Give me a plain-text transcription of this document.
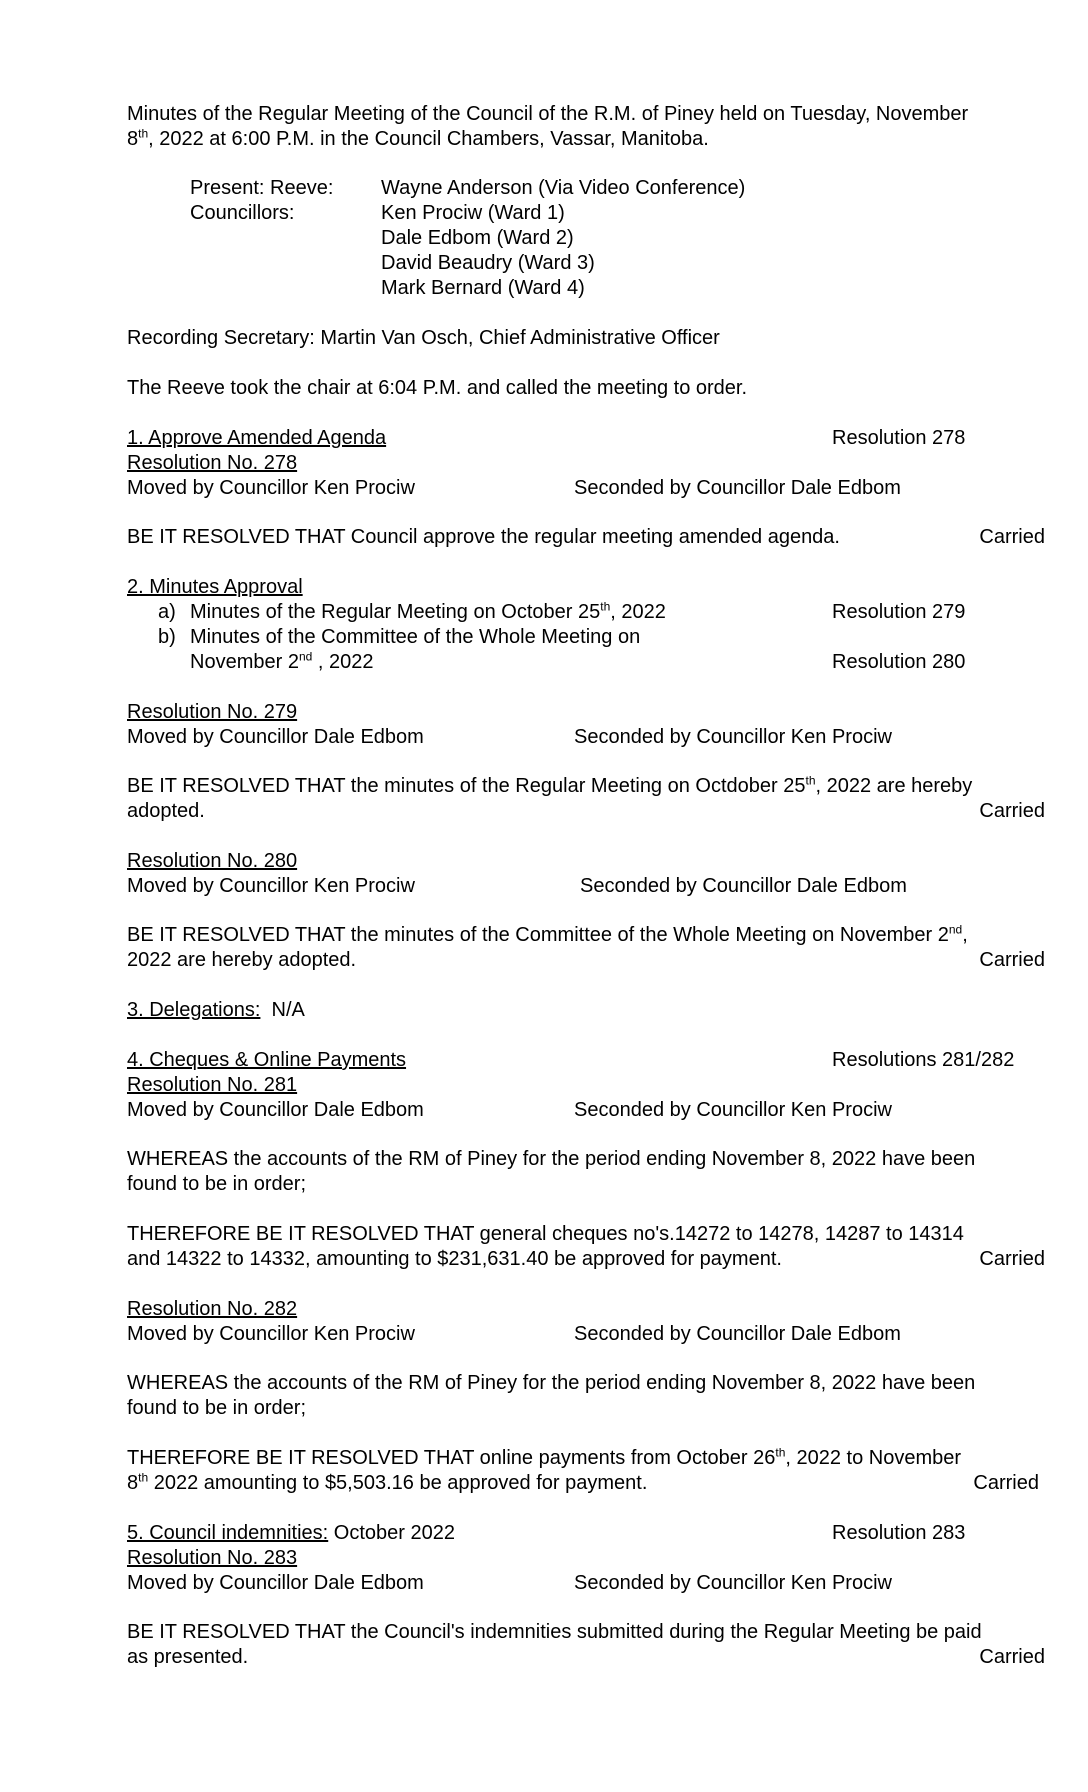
Minutes of the Regular Meeting of the Council of the R.M. of Piney held on Tuesday, November
8th, 2022 at 6:00 P.M. in the Council Chambers, Vassar, Manitoba.

Present: Reeve:	Wayne Anderson (Via Video Conference)
Councillors:	Ken Prociw (Ward 1)
Dale Edbom (Ward 2)
David Beaudry (Ward 3)
Mark Bernard (Ward 4)

Recording Secretary: Martin Van Osch, Chief Administrative Officer

The Reeve took the chair at 6:04 P.M. and called the meeting to order.

1. Approve Amended Agenda	Resolution 278

Resolution No. 278

Moved by Councillor Ken Prociw	Seconded by Councillor Dale Edbom
BE IT RESOLVED THAT Council approve the regular meeting amended agenda.	Carried

2. Minutes Approval

a) Minutes of the Regular Meeting on October 25th, 2022	Resolution 279
b) Minutes of the Committee of the Whole Meeting on
November 2nd , 2022	Resolution 280

Resolution No. 279

Moved by Councillor Dale Edbom	Seconded by Councillor Ken Prociw

BE IT RESOLVED THAT the minutes of the Regular Meeting on Octdober 25th, 2022 are hereby

adopted.	Carried

Resolution No. 280

Moved by Councillor Ken Prociw	Seconded by Councillor Dale Edbom

BE IT RESOLVED THAT the minutes of the Committee of the Whole Meeting on November 2nd,

2022 are hereby adopted.	Carried

3. Delegations: N/A

4. Cheques & Online Payments	Resolutions 281/282

Resolution No. 281

Moved by Councillor Dale Edbom	Seconded by Councillor Ken Prociw

WHEREAS the accounts of the RM of Piney for the period ending November 8, 2022 have been
found to be in order;

THEREFORE BE IT RESOLVED THAT general cheques no's.14272 to 14278, 14287 to 14314

and 14322 to 14332, amounting to $231,631.40 be approved for payment.	Carried

Resolution No. 282

Moved by Councillor Ken Prociw	Seconded by Councillor Dale Edbom

WHEREAS the accounts of the RM of Piney for the period ending November 8, 2022 have been
found to be in order;

THEREFORE BE IT RESOLVED THAT online payments from October 26th, 2022 to November

8th 2022 amounting to $5,503.16 be approved for payment.	Carried
5. Council indemnities: October 2022	Resolution 283

Resolution No. 283

Moved by Councillor Dale Edbom	Seconded by Councillor Ken Prociw

BE IT RESOLVED THAT the Council's indemnities submitted during the Regular Meeting be paid

as presented.	Carried
